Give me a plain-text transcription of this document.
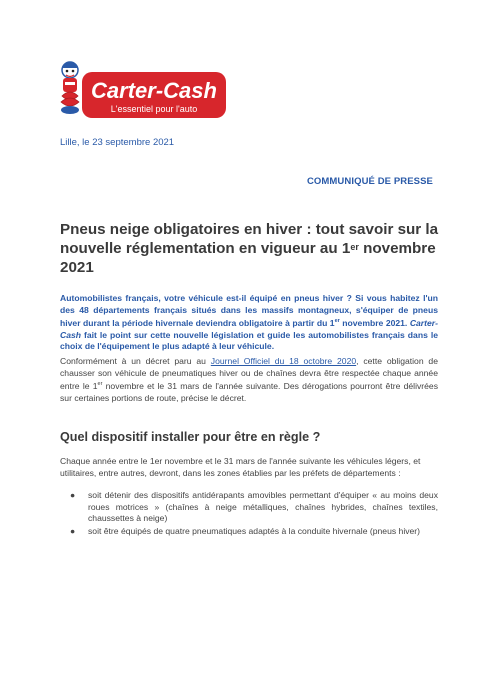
Carter-Cash
L'essentiel pour l'auto
Lille, le 23 septembre 2021
COMMUNIQUÉ DE PRESSE
Pneus neige obligatoires en hiver : tout savoir sur la nouvelle réglementation en vigueur au 1er novembre 2021
Automobilistes français, votre véhicule est-il équipé en pneus hiver ? Si vous habitez l'un des 48 départements français situés dans les massifs montagneux, s'équiper de pneus hiver durant la période hivernale deviendra obligatoire à partir du 1er novembre 2021. Carter-Cash fait le point sur cette nouvelle législation et guide les automobilistes français dans le choix de l'équipement le plus adapté à leur véhicule.
Conformément à un décret paru au Journel Officiel du 18 octobre 2020, cette obligation de chausser son véhicule de pneumatiques hiver ou de chaînes devra être respectée chaque année entre le 1er novembre et le 31 mars de l'année suivante. Des dérogations pourront être délivrées sur certaines portions de route, précise le décret.
Quel dispositif installer pour être en règle ?
Chaque année entre le 1er novembre et le 31 mars de l'année suivante les véhicules légers, et utilitaires, entre autres, devront, dans les zones établies par les préfets de départements :
● soit détenir des dispositifs antidérapants amovibles permettant d'équiper « au moins deux roues motrices » (chaînes à neige métalliques, chaînes hybrides, chaînes textiles, chaussettes à neige)
● soit être équipés de quatre pneumatiques adaptés à la conduite hivernale (pneus hiver)
